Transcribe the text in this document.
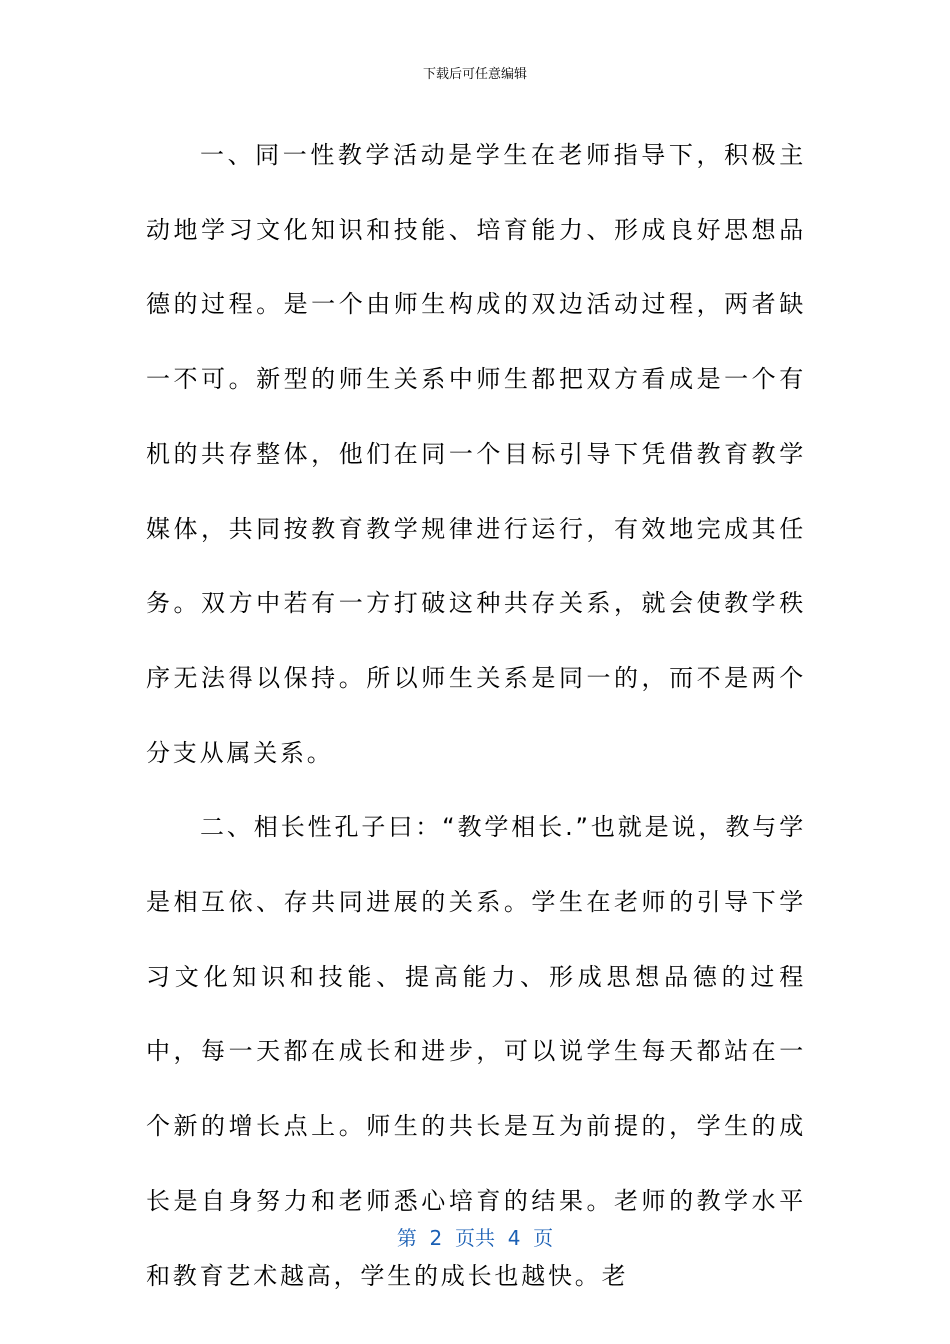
下载后可任意编辑

一、同一性教学活动是学生在老师指导下，积极主动地学习文化知识和技能、培育能力、形成良好思想品德的过程。是一个由师生构成的双边活动过程，两者缺一不可。新型的师生关系中师生都把双方看成是一个有机的共存整体，他们在同一个目标引导下凭借教育教学媒体，共同按教育教学规律进行运行，有效地完成其任务。双方中若有一方打破这种共存关系，就会使教学秩序无法得以保持。所以师生关系是同一的，而不是两个分支从属关系。

二、相长性孔子曰：“教学相长.”也就是说，教与学是相互依、存共同进展的关系。学生在老师的引导下学习文化知识和技能、提高能力、形成思想品德的过程中，每一天都在成长和进步，可以说学生每天都站在一个新的增长点上。师生的共长是互为前提的，学生的成长是自身努力和老师悉心培育的结果。老师的教学水平和教育艺术越高，学生的成长也越快。老

第  2  页共  4  页
